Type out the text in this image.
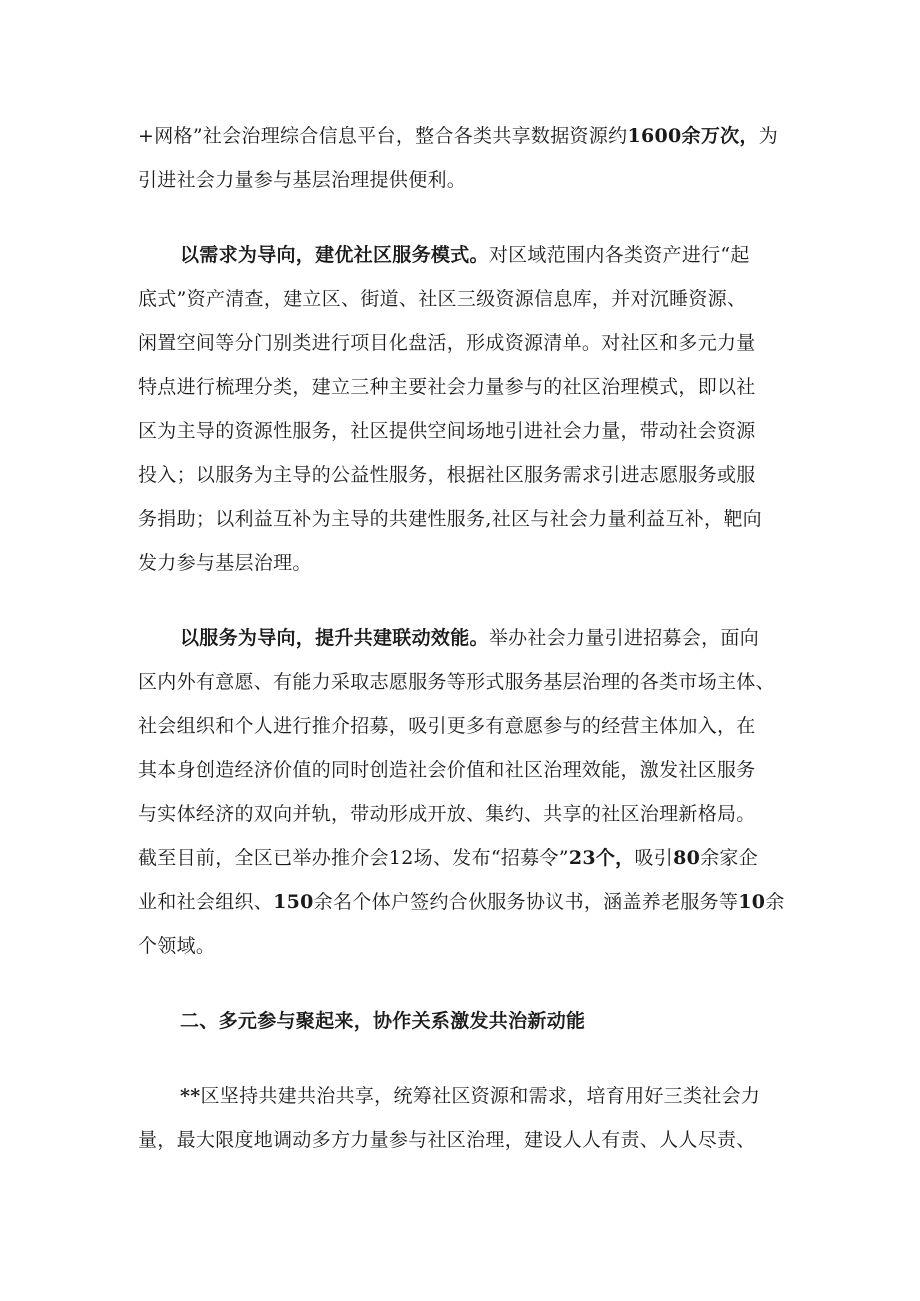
+网格”社会治理综合信息平台，整合各类共享数据资源约1600余万次，为
引进社会力量参与基层治理提供便利。
以需求为导向，建优社区服务模式。对区域范围内各类资产进行“起
底式”资产清查，建立区、街道、社区三级资源信息库，并对沉睡资源、
闲置空间等分门别类进行项目化盘活，形成资源清单。对社区和多元力量
特点进行梳理分类，建立三种主要社会力量参与的社区治理模式，即以社
区为主导的资源性服务，社区提供空间场地引进社会力量，带动社会资源
投入；以服务为主导的公益性服务，根据社区服务需求引进志愿服务或服
务捐助；以利益互补为主导的共建性服务,社区与社会力量利益互补，靶向
发力参与基层治理。
以服务为导向，提升共建联动效能。举办社会力量引进招募会，面向
区内外有意愿、有能力采取志愿服务等形式服务基层治理的各类市场主体、
社会组织和个人进行推介招募，吸引更多有意愿参与的经营主体加入，在
其本身创造经济价值的同时创造社会价值和社区治理效能，激发社区服务
与实体经济的双向并轨，带动形成开放、集约、共享的社区治理新格局。
截至目前，全区已举办推介会12场、发布“招募令”23个，吸引80余家企
业和社会组织、150余名个体户签约合伙服务协议书，涵盖养老服务等10余
个领域。
二、多元参与聚起来，协作关系激发共治新动能
**区坚持共建共治共享，统筹社区资源和需求，培育用好三类社会力
量，最大限度地调动多方力量参与社区治理，建设人人有责、人人尽责、
